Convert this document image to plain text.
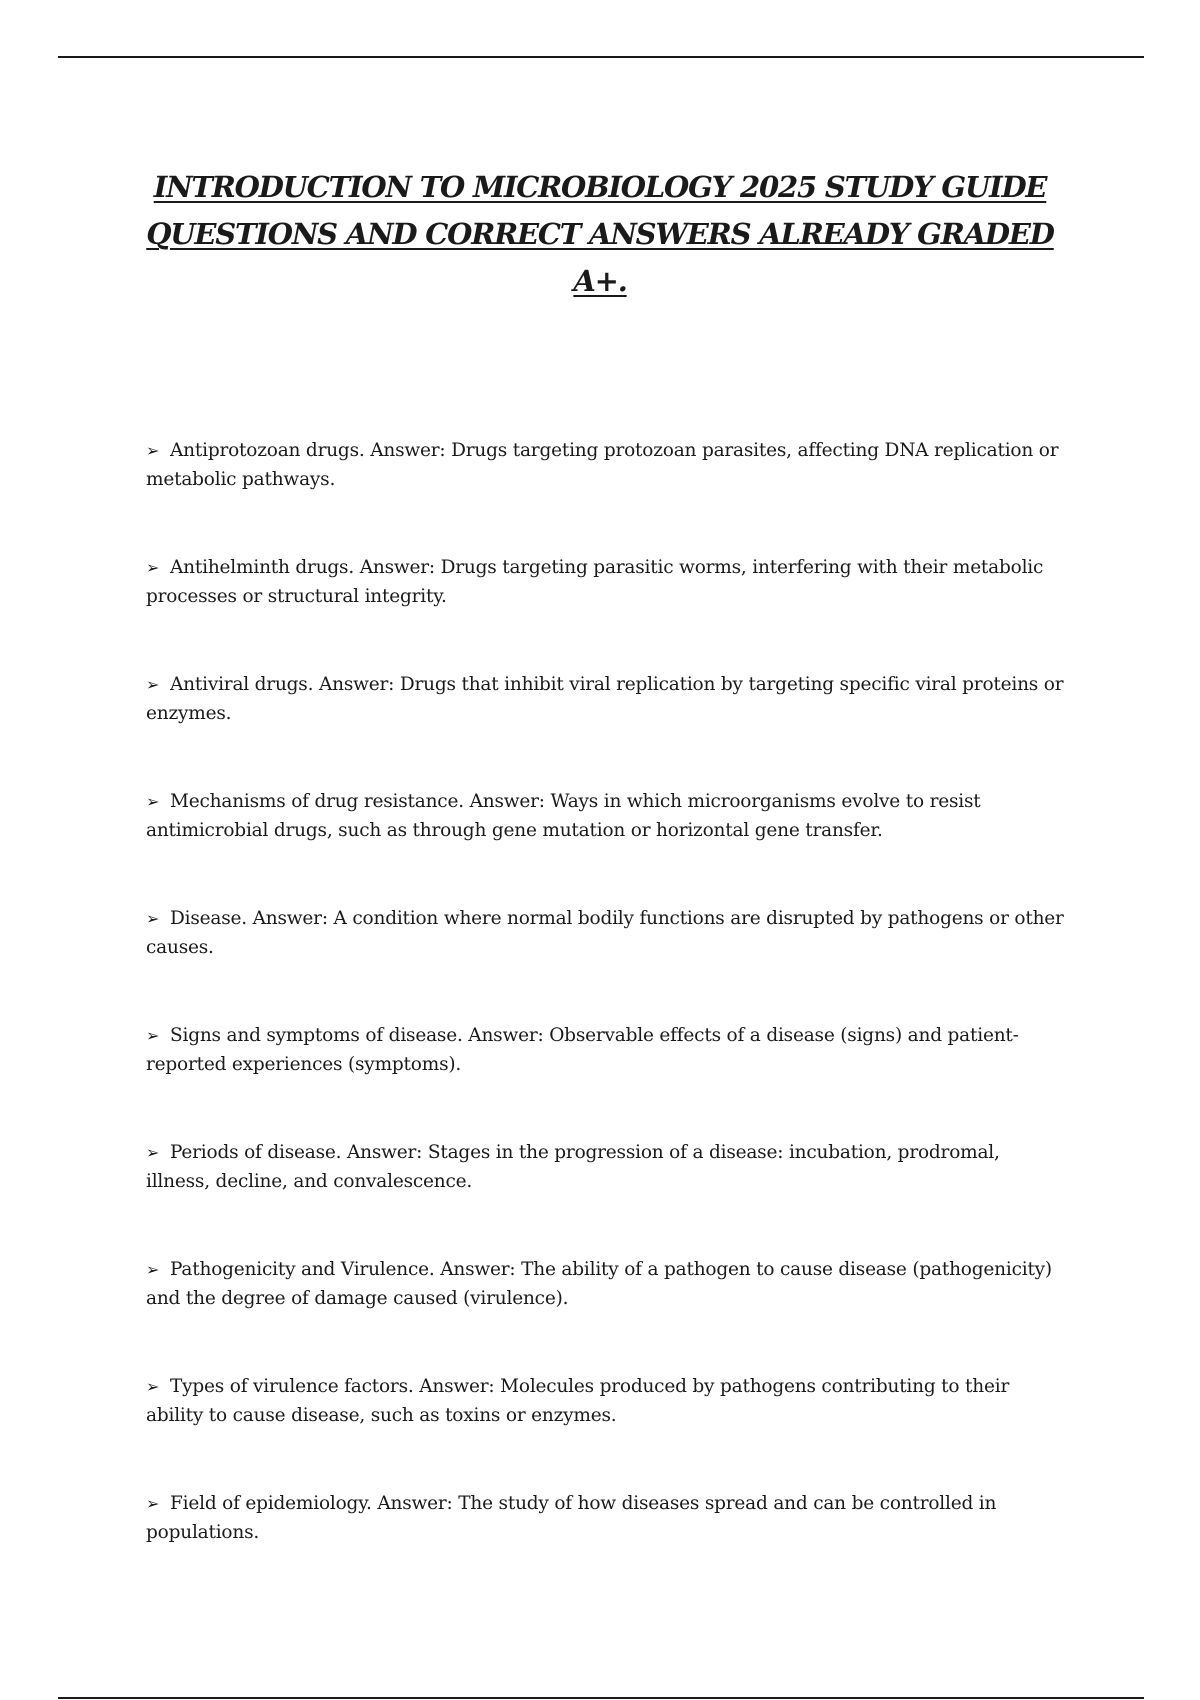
INTRODUCTION TO MICROBIOLOGY 2025 STUDY GUIDE QUESTIONS AND CORRECT ANSWERS ALREADY GRADED A+.
➢ Antiprotozoan drugs. Answer: Drugs targeting protozoan parasites, affecting DNA replication or metabolic pathways.
➢ Antihelminth drugs. Answer: Drugs targeting parasitic worms, interfering with their metabolic processes or structural integrity.
➢ Antiviral drugs. Answer: Drugs that inhibit viral replication by targeting specific viral proteins or enzymes.
➢ Mechanisms of drug resistance. Answer: Ways in which microorganisms evolve to resist antimicrobial drugs, such as through gene mutation or horizontal gene transfer.
➢ Disease. Answer: A condition where normal bodily functions are disrupted by pathogens or other causes.
➢ Signs and symptoms of disease. Answer: Observable effects of a disease (signs) and patient-reported experiences (symptoms).
➢ Periods of disease. Answer: Stages in the progression of a disease: incubation, prodromal, illness, decline, and convalescence.
➢ Pathogenicity and Virulence. Answer: The ability of a pathogen to cause disease (pathogenicity) and the degree of damage caused (virulence).
➢ Types of virulence factors. Answer: Molecules produced by pathogens contributing to their ability to cause disease, such as toxins or enzymes.
➢ Field of epidemiology. Answer: The study of how diseases spread and can be controlled in populations.
